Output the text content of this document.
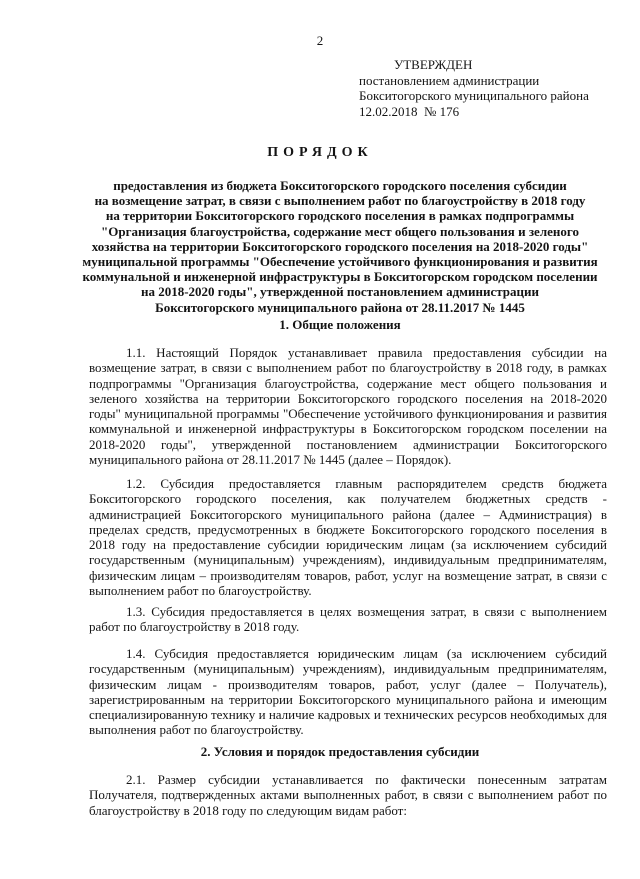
2
УТВЕРЖДЕН
постановлением администрации
Бокситогорского муниципального района
12.02.2018 № 176
ПОРЯДОК
предоставления из бюджета Бокситогорского городского поселения субсидии
на возмещение затрат, в связи с выполнением работ по благоустройству в 2018 году
на территории Бокситогорского городского поселения в рамках подпрограммы
"Организация благоустройства, содержание мест общего пользования и зеленого
хозяйства на территории Бокситогорского городского поселения на 2018-2020 годы"
муниципальной программы "Обеспечение устойчивого функционирования и развития
коммунальной и инженерной инфраструктуры в Бокситогорском городском поселении
на 2018-2020 годы", утвержденной постановлением администрации
Бокситогорского муниципального района от 28.11.2017 № 1445
1. Общие положения
1.1. Настоящий Порядок устанавливает правила предоставления субсидии на
возмещение затрат, в связи с выполнением работ по благоустройству в 2018 году, в рамках
подпрограммы "Организация благоустройства, содержание мест общего пользования и
зеленого хозяйства на территории Бокситогорского городского поселения на 2018-2020
годы" муниципальной программы "Обеспечение устойчивого функционирования и развития
коммунальной и инженерной инфраструктуры в Бокситогорском городском поселении на
2018-2020 годы", утвержденной постановлением администрации Бокситогорского
муниципального района от 28.11.2017 № 1445 (далее – Порядок).
1.2. Субсидия предоставляется главным распорядителем средств бюджета
Бокситогорского городского поселения, как получателем бюджетных средств -
администрацией Бокситогорского муниципального района (далее – Администрация) в
пределах средств, предусмотренных в бюджете Бокситогорского городского поселения в
2018 году на предоставление субсидии юридическим лицам (за исключением субсидий
государственным (муниципальным) учреждениям), индивидуальным предпринимателям,
физическим лицам – производителям товаров, работ, услуг на возмещение затрат, в связи с
выполнением работ по благоустройству.
1.3. Субсидия предоставляется в целях возмещения затрат, в связи с выполнением
работ по благоустройству в 2018 году.
1.4. Субсидия предоставляется юридическим лицам (за исключением субсидий
государственным (муниципальным) учреждениям), индивидуальным предпринимателям,
физическим лицам - производителям товаров, работ, услуг (далее – Получатель),
зарегистрированным на территории Бокситогорского муниципального района и имеющим
специализированную технику и наличие кадровых и технических ресурсов необходимых для
выполнения работ по благоустройству.
2. Условия и порядок предоставления субсидии
2.1. Размер субсидии устанавливается по фактически понесенным затратам
Получателя, подтвержденных актами выполненных работ, в связи с выполнением работ по
благоустройству в 2018 году по следующим видам работ:
